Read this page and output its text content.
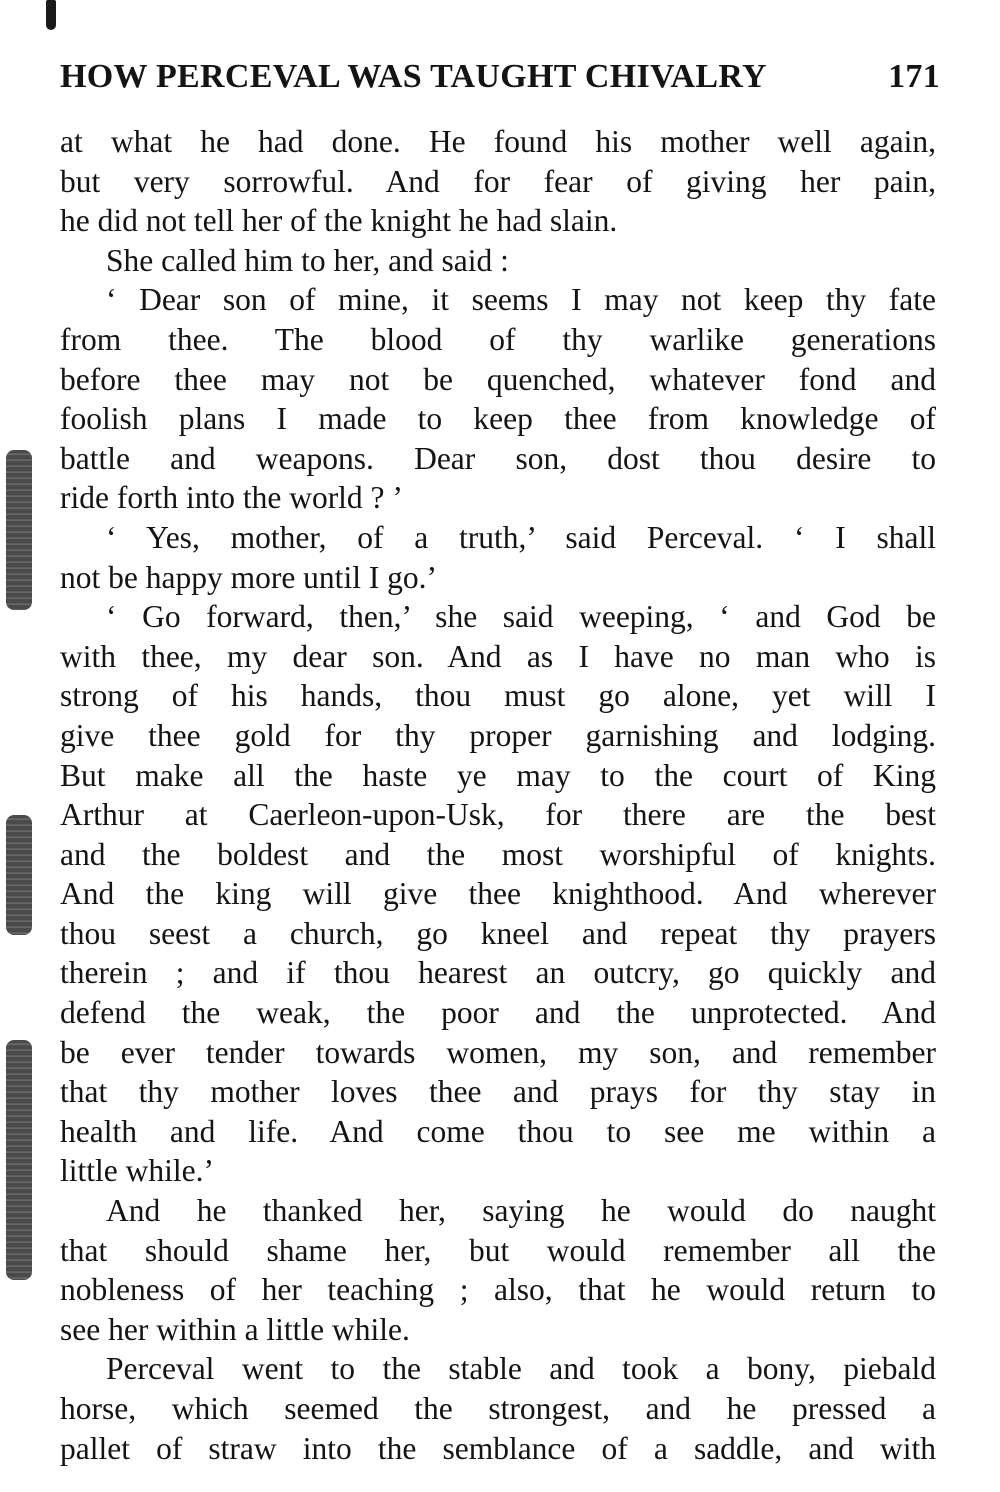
HOW PERCEVAL WAS TAUGHT CHIVALRY	171

at what he had done. He found his mother well again,

but very sorrowful. And for fear of giving her pain,

he did not tell her of the knight he had slain.

She called him to her, and said :

‘ Dear son of mine, it seems I may not keep thy fate

from thee. The blood of thy warlike generations

before thee may not be quenched, whatever fond and

foolish plans I made to keep thee from knowledge of

battle and weapons. Dear son, dost thou desire to

ride forth into the world ? ’

‘ Yes, mother, of a truth,’ said Perceval. ‘ I shall

not be happy more until I go.’

‘ Go forward, then,’ she said weeping, ‘ and God be

with thee, my dear son. And as I have no man who is

strong of his hands, thou must go alone, yet will I

give thee gold for thy proper garnishing and lodging.

But make all the haste ye may to the court of King

Arthur at Caerleon-upon-Usk, for there are the best

and the boldest and the most worshipful of knights.

And the king will give thee knighthood. And wherever

thou seest a church, go kneel and repeat thy prayers

therein ; and if thou hearest an outcry, go quickly and

defend the weak, the poor and the unprotected. And

be ever tender towards women, my son, and remember

that thy mother loves thee and prays for thy stay in

health and life. And come thou to see me within a

little while.’

And he thanked her, saying he would do naught

that should shame her, but would remember all the

nobleness of her teaching ; also, that he would return to

see her within a little while.

Perceval went to the stable and took a bony, piebald

horse, which seemed the strongest, and he pressed a

pallet of straw into the semblance of a saddle, and with
